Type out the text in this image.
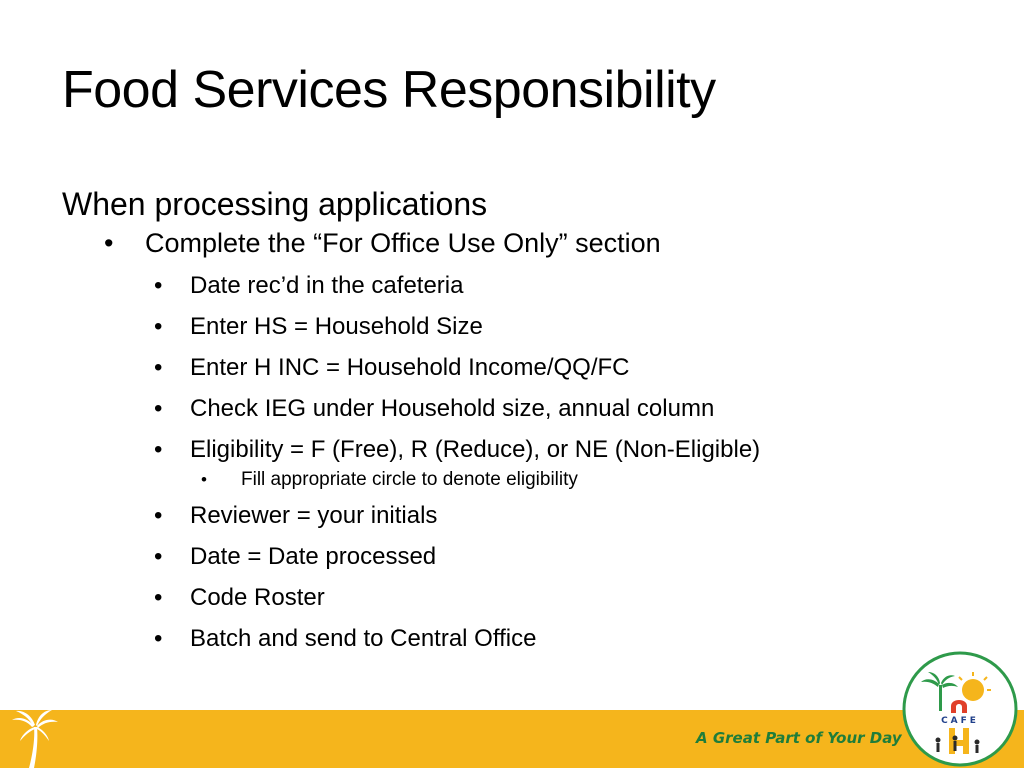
Food Services Responsibility
When processing applications
• Complete the “For Office Use Only” section
• Date rec’d in the cafeteria
• Enter HS = Household Size
• Enter H INC = Household Income/QQ/FC
• Check IEG under Household size, annual column
• Eligibility = F (Free), R (Reduce), or NE (Non-Eligible)
• Fill appropriate circle to denote eligibility
• Reviewer = your initials
• Date = Date processed
• Code Roster
• Batch and send to Central Office
A Great Part of Your Day
CAFE
